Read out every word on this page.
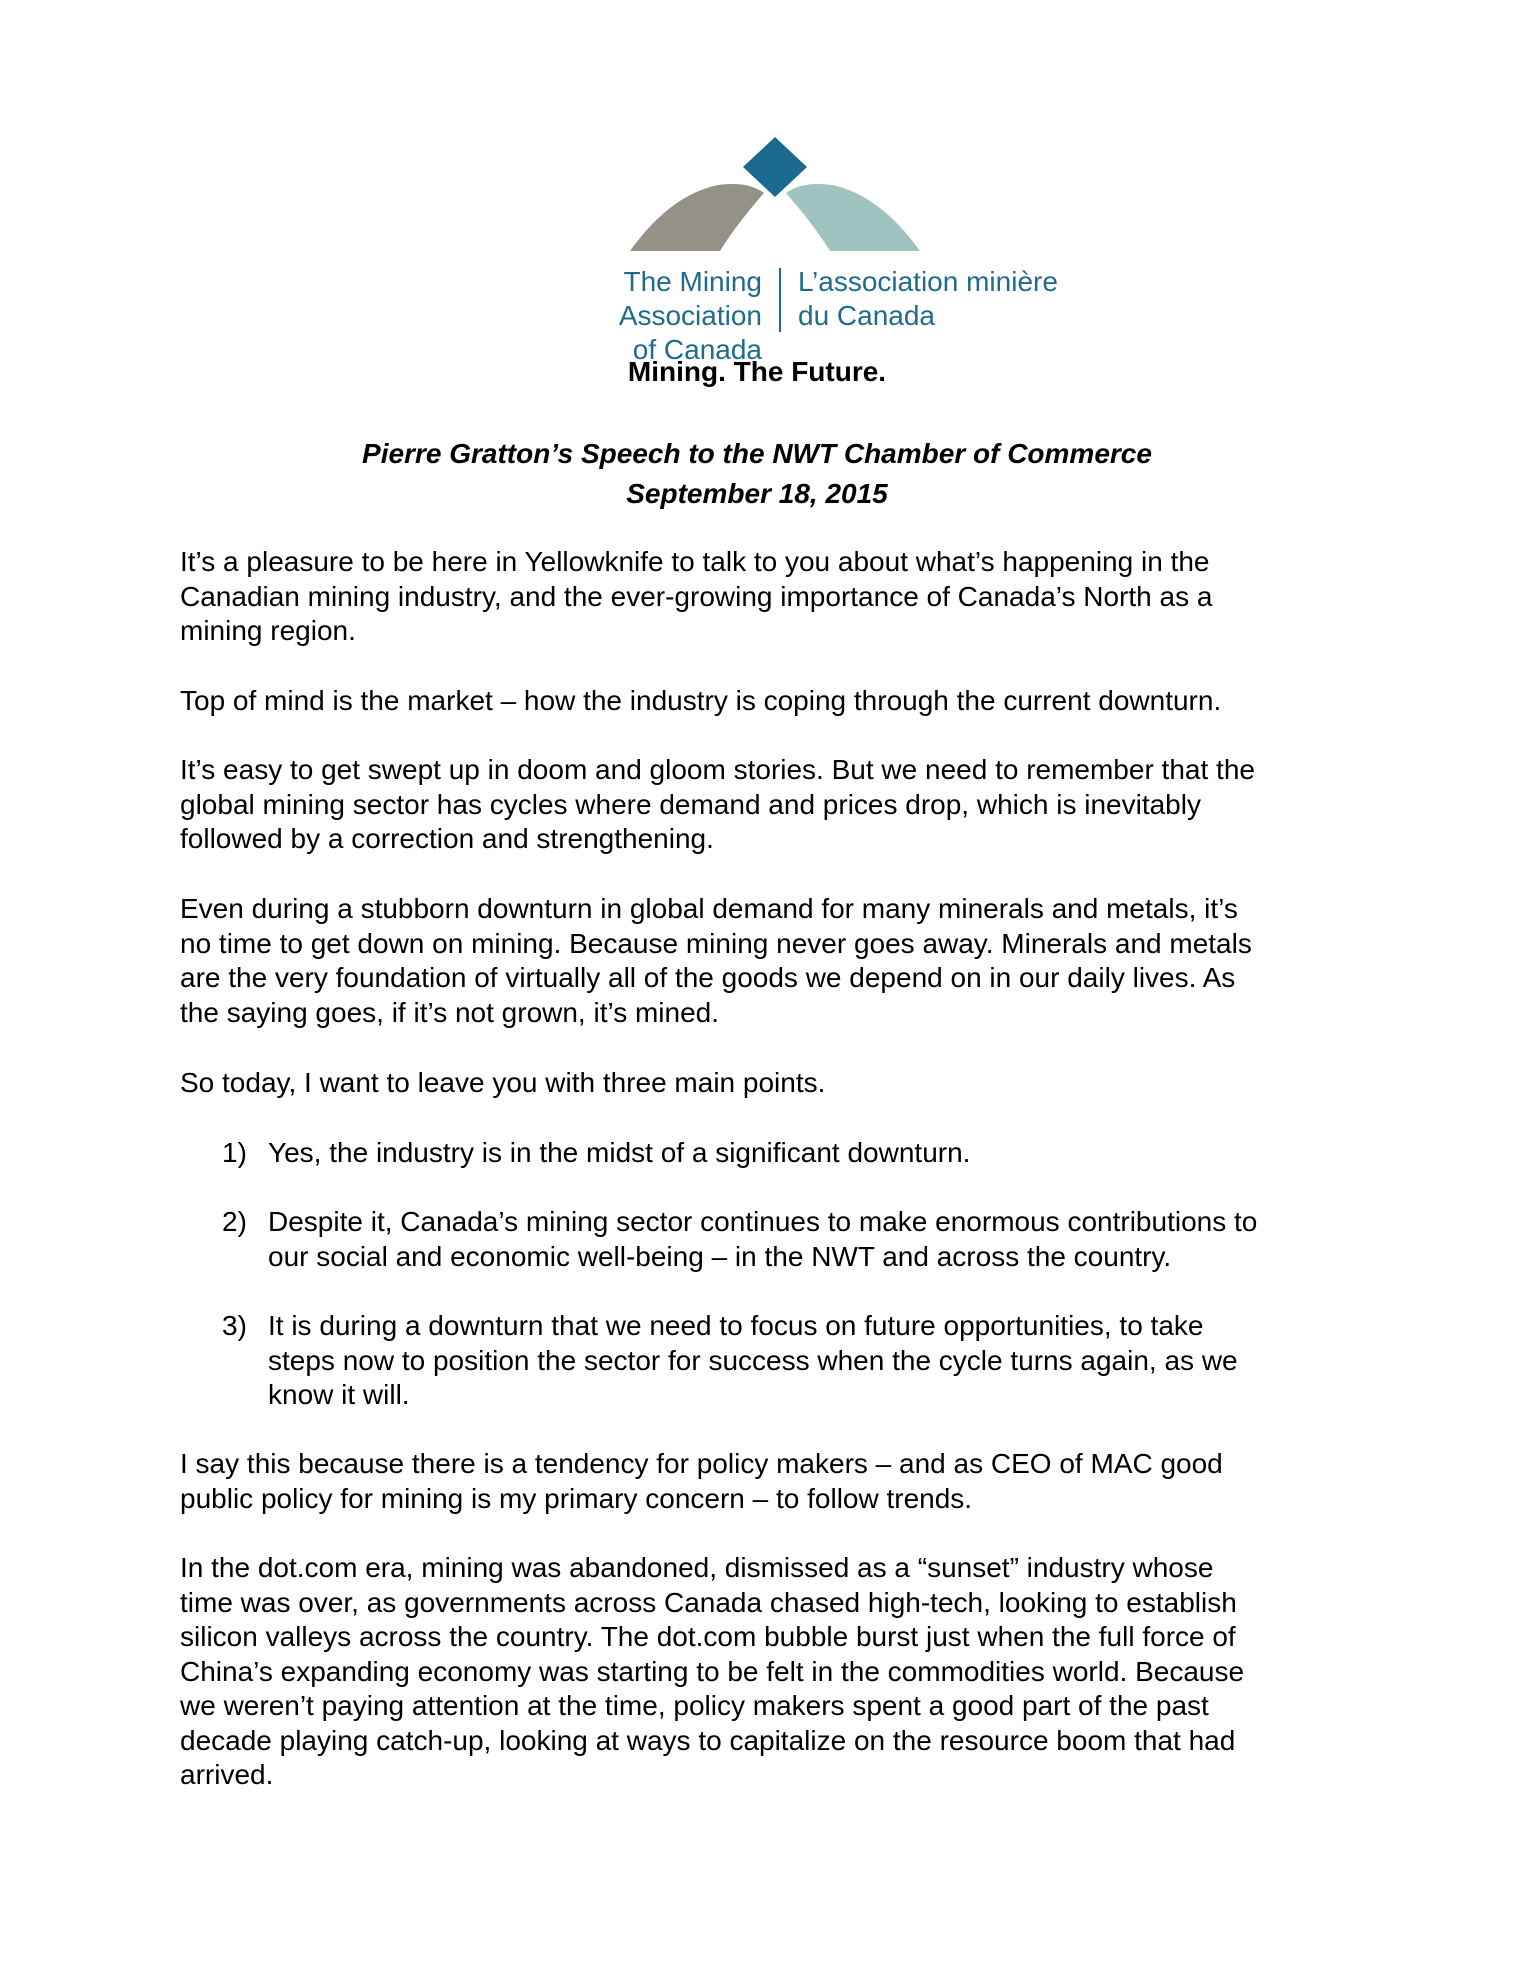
The Mining Association
of Canada
L’association minière
du Canada
Mining. The Future.
Pierre Gratton’s Speech to the NWT Chamber of Commerce
September 18, 2015

It’s a pleasure to be here in Yellowknife to talk to you about what’s happening in the
Canadian mining industry, and the ever-growing importance of Canada’s North as a
mining region.

Top of mind is the market – how the industry is coping through the current downturn.

It’s easy to get swept up in doom and gloom stories. But we need to remember that the
global mining sector has cycles where demand and prices drop, which is inevitably
followed by a correction and strengthening.

Even during a stubborn downturn in global demand for many minerals and metals, it’s
no time to get down on mining. Because mining never goes away. Minerals and metals
are the very foundation of virtually all of the goods we depend on in our daily lives. As
the saying goes, if it’s not grown, it’s mined.

So today, I want to leave you with three main points.

1) Yes, the industry is in the midst of a significant downturn.
2) Despite it, Canada’s mining sector continues to make enormous contributions to
our social and economic well-being – in the NWT and across the country.
3) It is during a downturn that we need to focus on future opportunities, to take
steps now to position the sector for success when the cycle turns again, as we
know it will.

I say this because there is a tendency for policy makers – and as CEO of MAC good
public policy for mining is my primary concern – to follow trends.

In the dot.com era, mining was abandoned, dismissed as a “sunset” industry whose
time was over, as governments across Canada chased high-tech, looking to establish
silicon valleys across the country. The dot.com bubble burst just when the full force of
China’s expanding economy was starting to be felt in the commodities world. Because
we weren’t paying attention at the time, policy makers spent a good part of the past
decade playing catch-up, looking at ways to capitalize on the resource boom that had
arrived.
